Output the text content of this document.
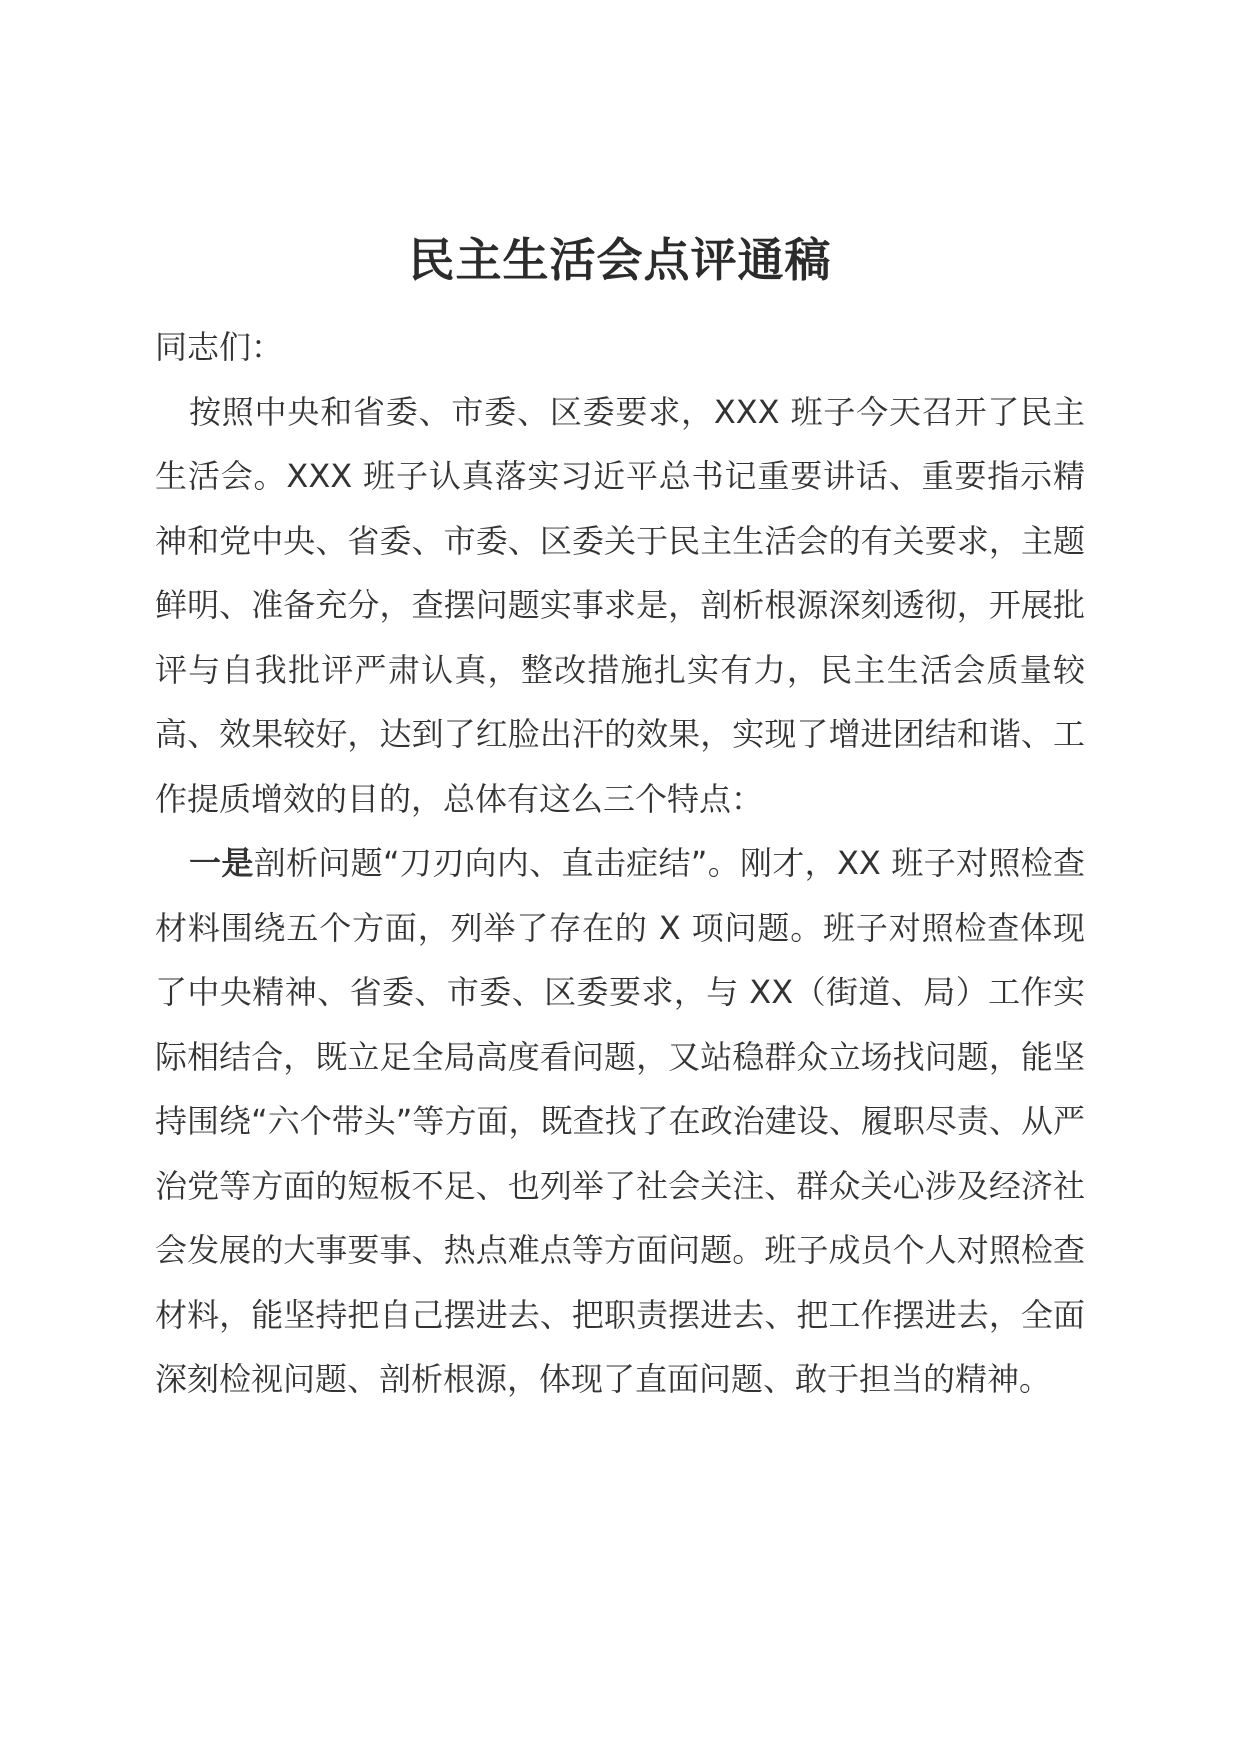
民主生活会点评通稿

同志们：

按照中央和省委、市委、区委要求，XXX 班子今天召开了民主生活会。XXX 班子认真落实习近平总书记重要讲话、重要指示精神和党中央、省委、市委、区委关于民主生活会的有关要求，主题鲜明、准备充分，查摆问题实事求是，剖析根源深刻透彻，开展批评与自我批评严肃认真，整改措施扎实有力，民主生活会质量较高、效果较好，达到了红脸出汗的效果，实现了增进团结和谐、工作提质增效的目的，总体有这么三个特点：

一是剖析问题“刀刃向内、直击症结”。刚才，XX 班子对照检查材料围绕五个方面，列举了存在的 X 项问题。班子对照检查体现了中央精神、省委、市委、区委要求，与 XX（街道、局）工作实际相结合，既立足全局高度看问题，又站稳群众立场找问题，能坚持围绕“六个带头”等方面，既查找了在政治建设、履职尽责、从严治党等方面的短板不足、也列举了社会关注、群众关心涉及经济社会发展的大事要事、热点难点等方面问题。班子成员个人对照检查材料，能坚持把自己摆进去、把职责摆进去、把工作摆进去，全面深刻检视问题、剖析根源，体现了直面问题、敢于担当的精神。
